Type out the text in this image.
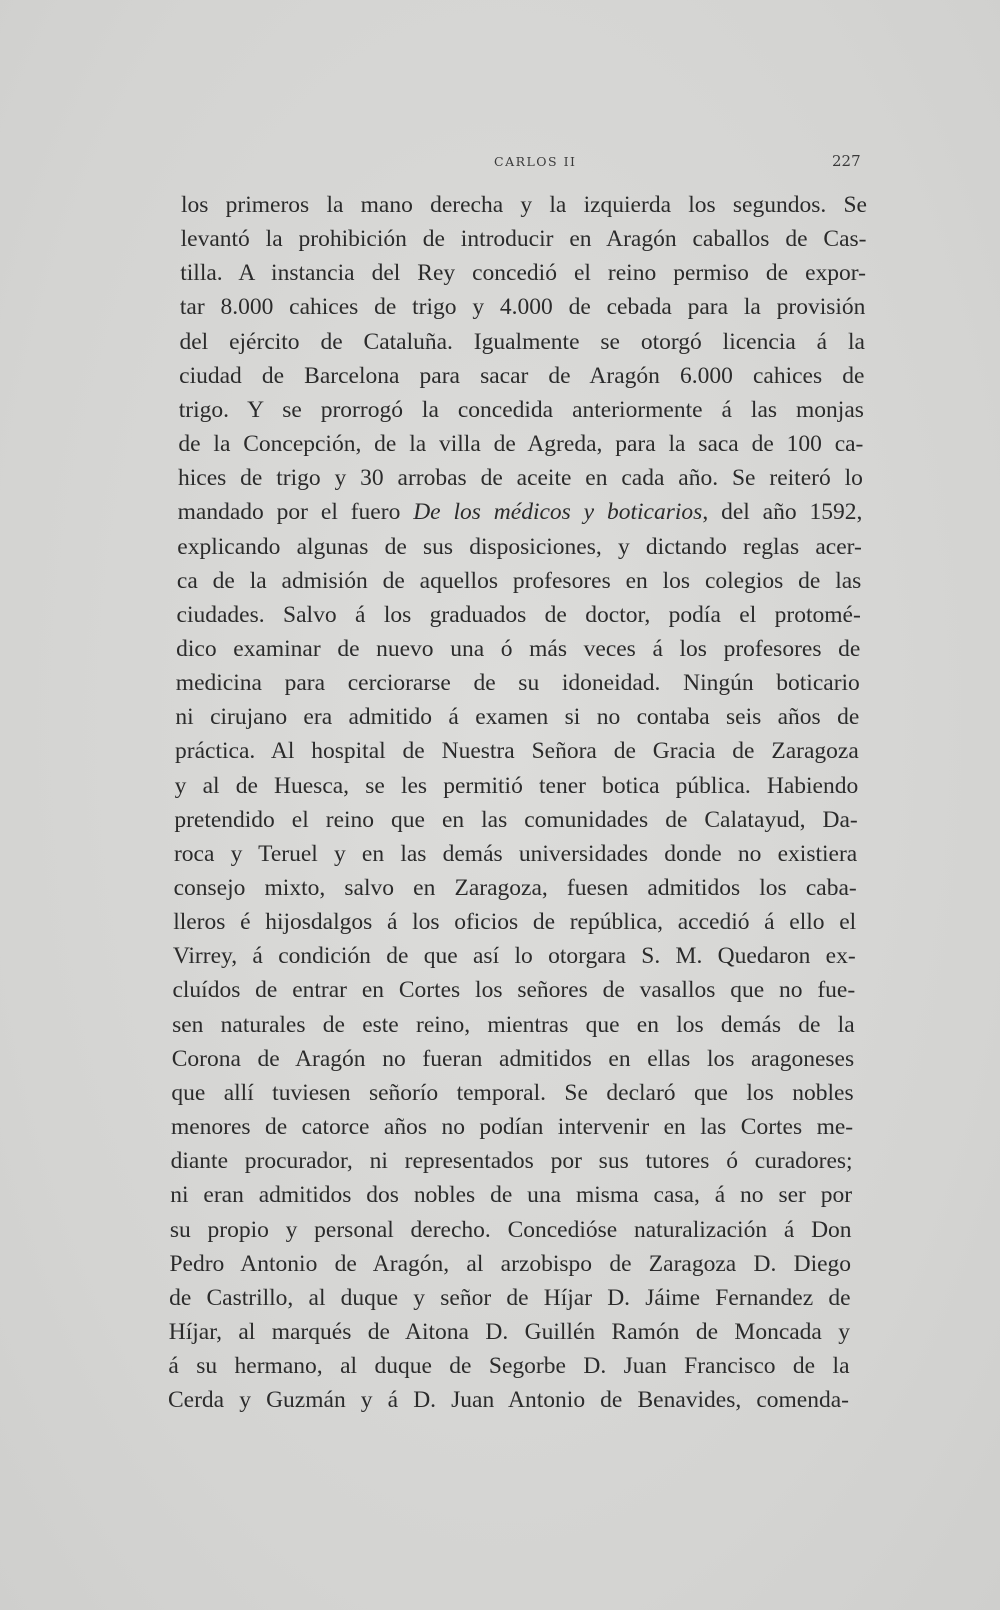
CARLOS II	227
los primeros la mano derecha y la izquierda los segundos. Se
levantó la prohibición de introducir en Aragón caballos de Cas-
tilla. A instancia del Rey concedió el reino permiso de expor-
tar 8.000 cahices de trigo y 4.000 de cebada para la provisión
del ejército de Cataluña. Igualmente se otorgó licencia á la
ciudad de Barcelona para sacar de Aragón 6.000 cahices de
trigo. Y se prorrogó la concedida anteriormente á las monjas
de la Concepción, de la villa de Agreda, para la saca de 100 ca-
hices de trigo y 30 arrobas de aceite en cada año. Se reiteró lo
mandado por el fuero De los médicos y boticarios, del año 1592,
explicando algunas de sus disposiciones, y dictando reglas acer-
ca de la admisión de aquellos profesores en los colegios de las
ciudades. Salvo á los graduados de doctor, podía el protomé-
dico examinar de nuevo una ó más veces á los profesores de
medicina para cerciorarse de su idoneidad. Ningún boticario
ni cirujano era admitido á examen si no contaba seis años de
práctica. Al hospital de Nuestra Señora de Gracia de Zaragoza
y al de Huesca, se les permitió tener botica pública. Habiendo
pretendido el reino que en las comunidades de Calatayud, Da-
roca y Teruel y en las demás universidades donde no existiera
consejo mixto, salvo en Zaragoza, fuesen admitidos los caba-
lleros é hijosdalgos á los oficios de república, accedió á ello el
Virrey, á condición de que así lo otorgara S. M. Quedaron ex-
cluídos de entrar en Cortes los señores de vasallos que no fue-
sen naturales de este reino, mientras que en los demás de la
Corona de Aragón no fueran admitidos en ellas los aragoneses
que allí tuviesen señorío temporal. Se declaró que los nobles
menores de catorce años no podían intervenir en las Cortes me-
diante procurador, ni representados por sus tutores ó curadores;
ni eran admitidos dos nobles de una misma casa, á no ser por
su propio y personal derecho. Concedióse naturalización á Don
Pedro Antonio de Aragón, al arzobispo de Zaragoza D. Diego
de Castrillo, al duque y señor de Híjar D. Jáime Fernandez de
Híjar, al marqués de Aitona D. Guillén Ramón de Moncada y
á su hermano, al duque de Segorbe D. Juan Francisco de la
Cerda y Guzmán y á D. Juan Antonio de Benavides, comenda-
